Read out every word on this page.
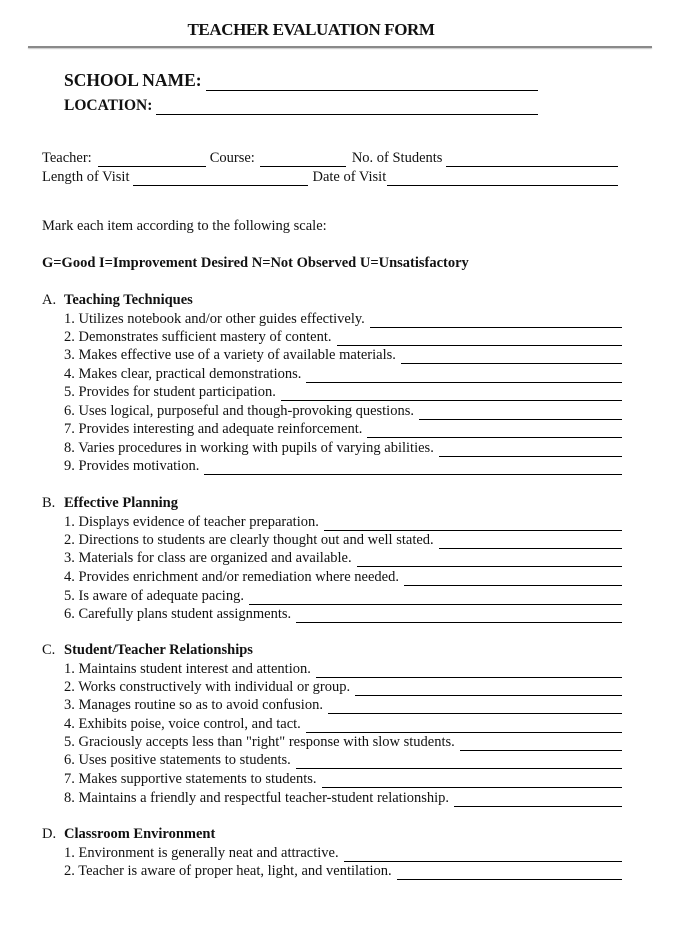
TEACHER EVALUATION FORM
SCHOOL NAME:
LOCATION:
Teacher:	Course:	No. of Students
Length of Visit	Date of Visit
Mark each item according to the following scale:
G=Good I=Improvement Desired N=Not Observed U=Unsatisfactory
A. Teaching Techniques
1. Utilizes notebook and/or other guides effectively.
2. Demonstrates sufficient mastery of content.
3. Makes effective use of a variety of available materials.
4. Makes clear, practical demonstrations.
5. Provides for student participation.
6. Uses logical, purposeful and though-provoking questions.
7. Provides interesting and adequate reinforcement.
8. Varies procedures in working with pupils of varying abilities.
9. Provides motivation.
B. Effective Planning
1. Displays evidence of teacher preparation.
2. Directions to students are clearly thought out and well stated.
3. Materials for class are organized and available.
4. Provides enrichment and/or remediation where needed.
5. Is aware of adequate pacing.
6. Carefully plans student assignments.
C. Student/Teacher Relationships
1. Maintains student interest and attention.
2. Works constructively with individual or group.
3. Manages routine so as to avoid confusion.
4. Exhibits poise, voice control, and tact.
5. Graciously accepts less than "right" response with slow students.
6. Uses positive statements to students.
7. Makes supportive statements to students.
8. Maintains a friendly and respectful teacher-student relationship.
D. Classroom Environment
1. Environment is generally neat and attractive.
2. Teacher is aware of proper heat, light, and ventilation.
